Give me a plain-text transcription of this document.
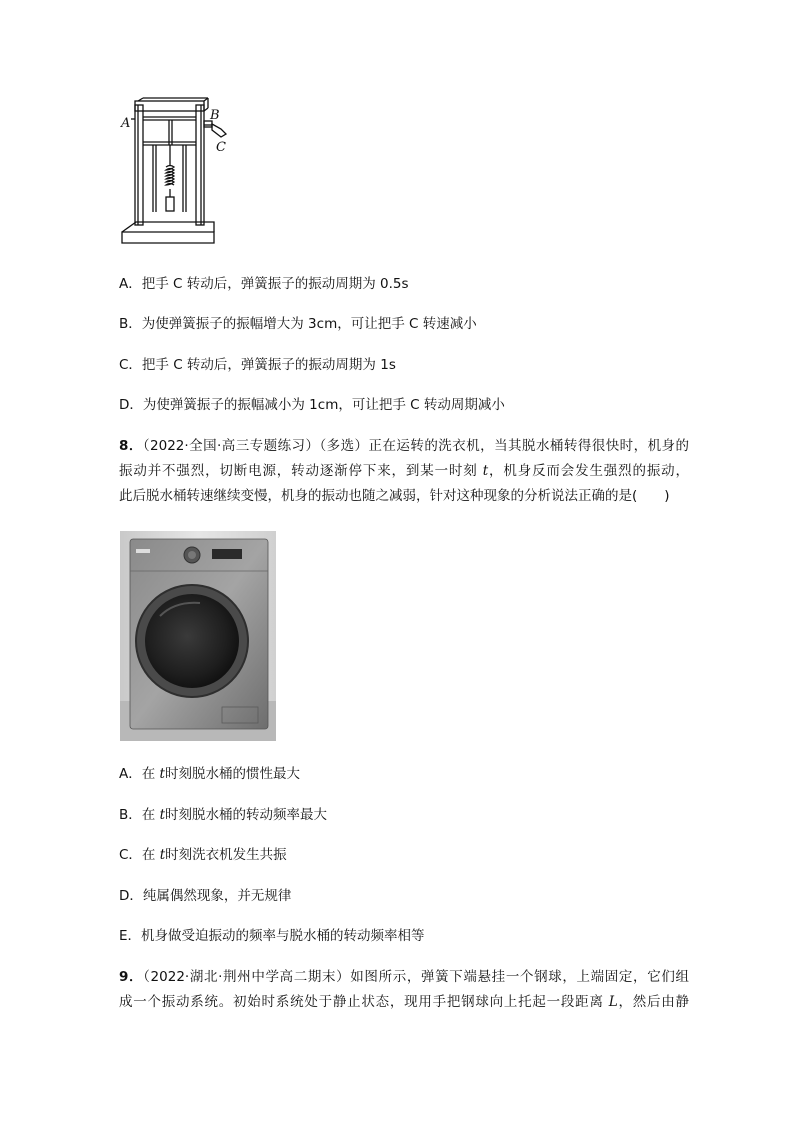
A
B
C
A．把手 C 转动后，弹簧振子的振动周期为 0.5s
B．为使弹簧振子的振幅增大为 3cm，可让把手 C 转速减小
C．把手 C 转动后，弹簧振子的振动周期为 1s
D．为使弹簧振子的振幅减小为 1cm，可让把手 C 转动周期减小
8．（2022·全国·高三专题练习）（多选）正在运转的洗衣机，当其脱水桶转得很快时，机身的
振动并不强烈，切断电源，转动逐渐停下来，到某一时刻 t，机身反而会发生强烈的振动，
此后脱水桶转速继续变慢，机身的振动也随之减弱，针对这种现象的分析说法正确的是(　　)
A．在 t时刻脱水桶的惯性最大
B．在 t时刻脱水桶的转动频率最大
C．在 t时刻洗衣机发生共振
D．纯属偶然现象，并无规律
E．机身做受迫振动的频率与脱水桶的转动频率相等
9．（2022·湖北·荆州中学高二期末）如图所示，弹簧下端悬挂一个钢球，上端固定，它们组
成一个振动系统。初始时系统处于静止状态，现用手把钢球向上托起一段距离 L，然后由静
